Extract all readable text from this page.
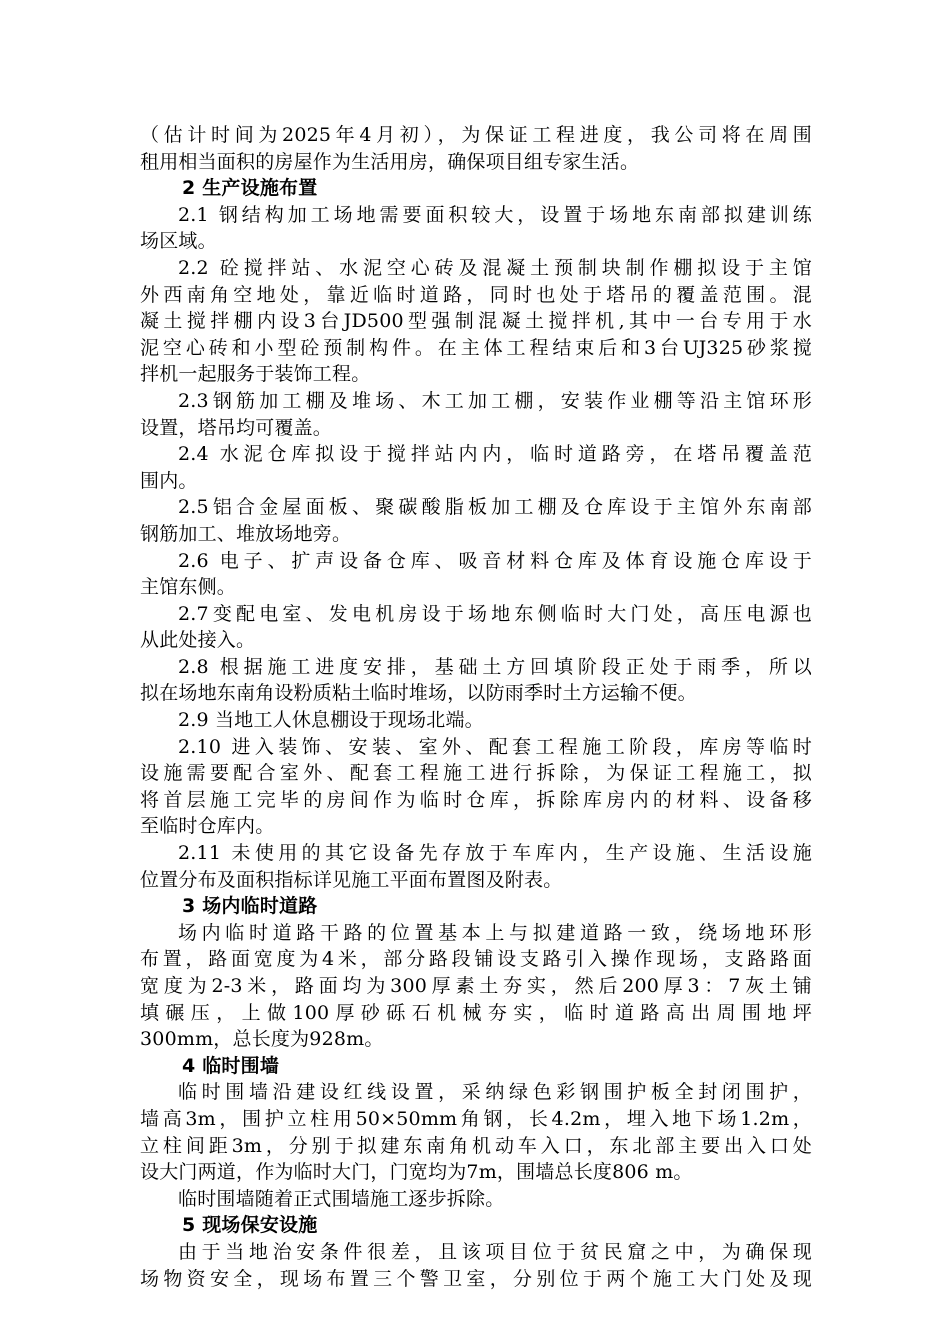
（估计时间为2025年4月初），为保证工程进度，我公司将在周围
租用相当面积的房屋作为生活用房，确保项目组专家生活。
2 生产设施布置
2.1 钢结构加工场地需要面积较大，设置于场地东南部拟建训练
场区域。
2.2 砼搅拌站、水泥空心砖及混凝土预制块制作棚拟设于主馆
外西南角空地处，靠近临时道路，同时也处于塔吊的覆盖范围。混
凝土搅拌棚内设3台JD500型强制混凝土搅拌机,其中一台专用于水
泥空心砖和小型砼预制构件。在主体工程结束后和3台UJ325砂浆搅
拌机一起服务于装饰工程。
2.3钢筋加工棚及堆场、木工加工棚，安装作业棚等沿主馆环形
设置，塔吊均可覆盖。
2.4 水泥仓库拟设于搅拌站内内，临时道路旁，在塔吊覆盖范
围内。
2.5铝合金屋面板、聚碳酸脂板加工棚及仓库设于主馆外东南部
钢筋加工、堆放场地旁。
2.6 电子、扩声设备仓库、吸音材料仓库及体育设施仓库设于
主馆东侧。
2.7变配电室、发电机房设于场地东侧临时大门处，高压电源也
从此处接入。
2.8 根据施工进度安排，基础土方回填阶段正处于雨季，所以
拟在场地东南角设粉质粘土临时堆场，以防雨季时土方运输不便。
2.9 当地工人休息棚设于现场北端。
2.10 进入装饰、安装、室外、配套工程施工阶段，库房等临时
设施需要配合室外、配套工程施工进行拆除，为保证工程施工，拟
将首层施工完毕的房间作为临时仓库，拆除库房内的材料、设备移
至临时仓库内。
2.11 未使用的其它设备先存放于车库内，生产设施、生活设施
位置分布及面积指标详见施工平面布置图及附表。
3 场内临时道路
场内临时道路干路的位置基本上与拟建道路一致，绕场地环形
布置，路面宽度为4米，部分路段铺设支路引入操作现场，支路路面
宽度为2-3米，路面均为300厚素土夯实，然后200厚3：7灰土铺
填碾压，上做100厚砂砾石机械夯实，临时道路高出周围地坪
300mm，总长度为928m。
4 临时围墙
临时围墙沿建设红线设置，采纳绿色彩钢围护板全封闭围护，
墙高3m，围护立柱用50×50mm角钢，长4.2m，埋入地下场1.2m，
立柱间距3m，分别于拟建东南角机动车入口，东北部主要出入口处
设大门两道，作为临时大门，门宽均为7m，围墙总长度806 m。
临时围墙随着正式围墙施工逐步拆除。
5 现场保安设施
由于当地治安条件很差，且该项目位于贫民窟之中，为确保现
场物资安全，现场布置三个警卫室，分别位于两个施工大门处及现
